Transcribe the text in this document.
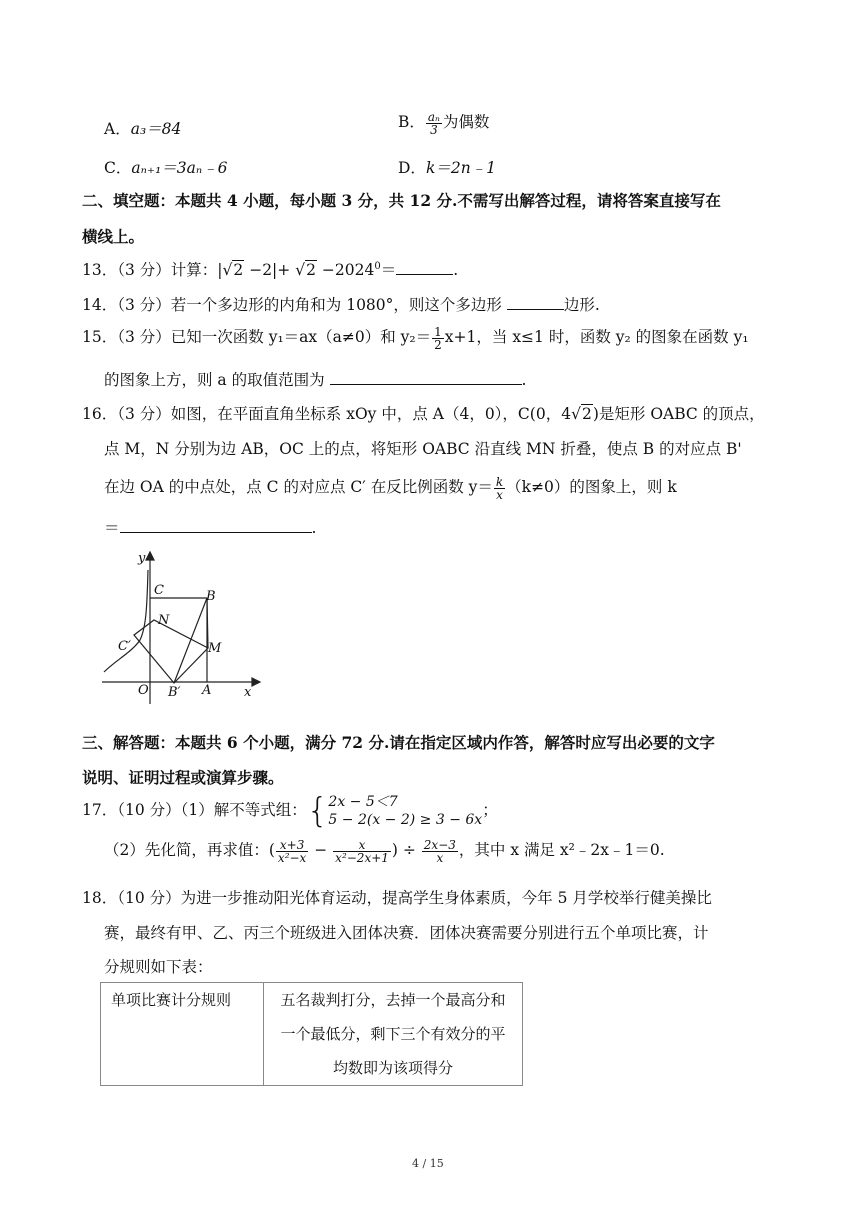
A．a₃＝84	B． $\frac{\text{aₙ}}{3}$ 为偶数
C．aₙ₊₁＝3aₙ﹣6	D．k＝2n﹣1
二、填空题：本题共 4 小题，每小题 3 分，共 12 分.不需写出解答过程，请将答案直接写在
横线上。
13．（3 分）计算：$|√2 -2|+ √2 -2024^0=$	.
14．（3 分）若一个多边形的内角和为 1080°，则这个多边形	边形.
15．（3 分）已知一次函数 y₁＝ax（a≠0）和 $y_2= \frac{1}{2} x+1$，当 x≤1 时，函数 y₂ 的图象在函数 y₁
的图象上方，则 a 的取值范围为	.
16．（3 分）如图，在平面直角坐标系 xOy 中，点 A（4，0），C(0，4√2)是矩形 OABC 的顶点，
点 M，N 分别为边 AB，OC 上的点，将矩形 OABC 沿直线 MN 折叠，使点 B 的对应点 B'
在边 OA 的中点处，点 C 的对应点 C′ 在反比例函数 $y= \frac{k}{x} (k\ne 0)$的图象上，则 k
＝	.
y
x
O
C	B
N
C′	M
B′ A
三、解答题：本题共 6 个小题，满分 72 分.请在指定区域内作答，解答时应写出必要的文字
说明、证明过程或演算步骤。
17．（10 分）（1）解不等式组：{ 2x − 5＜7
5 − 2(x − 2) ≥ 3 − 6x
；
（2）先化简，再求值：( $\frac{x+3}{\text{x²−x}} - \frac{x}{\text{x²−2x+1}}$ ) ÷ $\frac{2x-3}{x}$ ，其中 x 满足 x²﹣2x﹣1＝0.
18．（10 分）为进一步推动阳光体育运动，提高学生身体素质，今年 5 月学校举行健美操比
赛，最终有甲、乙、丙三个班级进入团体决赛．团体决赛需要分别进行五个单项比赛，计
分规则如下表：
单项比赛计分规则	五名裁判打分，去掉一个最高分和
一个最低分，剩下三个有效分的平
均数即为该项得分
4 / 15
